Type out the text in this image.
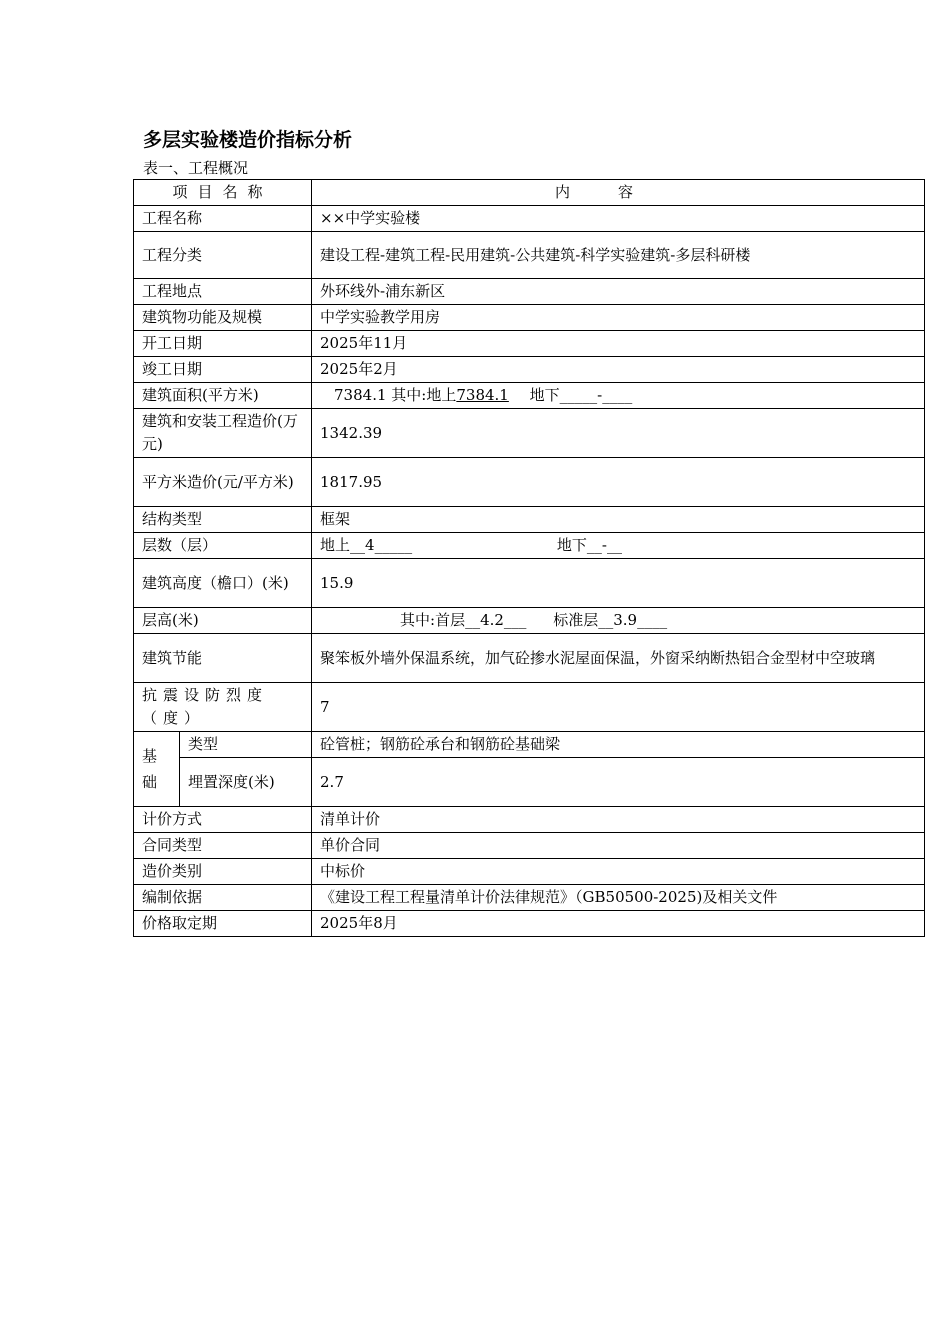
多层实验楼造价指标分析
表一、工程概况
项目名称		内容
工程名称		××中学实验楼
工程分类		建设工程-建筑工程-民用建筑-公共建筑-科学实验建筑-多层科研楼
工程地点		外环线外-浦东新区
建筑物功能及规模		中学实验教学用房
开工日期		2025年11月
竣工日期		2025年2月
建筑面积(平方米)		7384.1 其中:地上7384.1 地下_____-____
建筑和安装工程造价(万元)		1342.39
平方米造价(元/平方米)		1817.95
结构类型		框架
层数（层）		地上__4_____ 地下__-__
建筑高度（檐口）(米)		15.9
层高(米)		其中:首层__4.2___ 标准层__3.9____
建筑节能		聚笨板外墙外保温系统，加气砼掺水泥屋面保温，外窗采纳断热铝合金型材中空玻璃
抗震设防烈度（度）		7
基础	类型	砼管桩；钢筋砼承台和钢筋砼基础梁
	埋置深度(米)	2.7
计价方式		清单计价
合同类型		单价合同
造价类别		中标价
编制依据		《建设工程工程量清单计价法律规范》（GB50500-2025)及相关文件
价格取定期		2025年8月
